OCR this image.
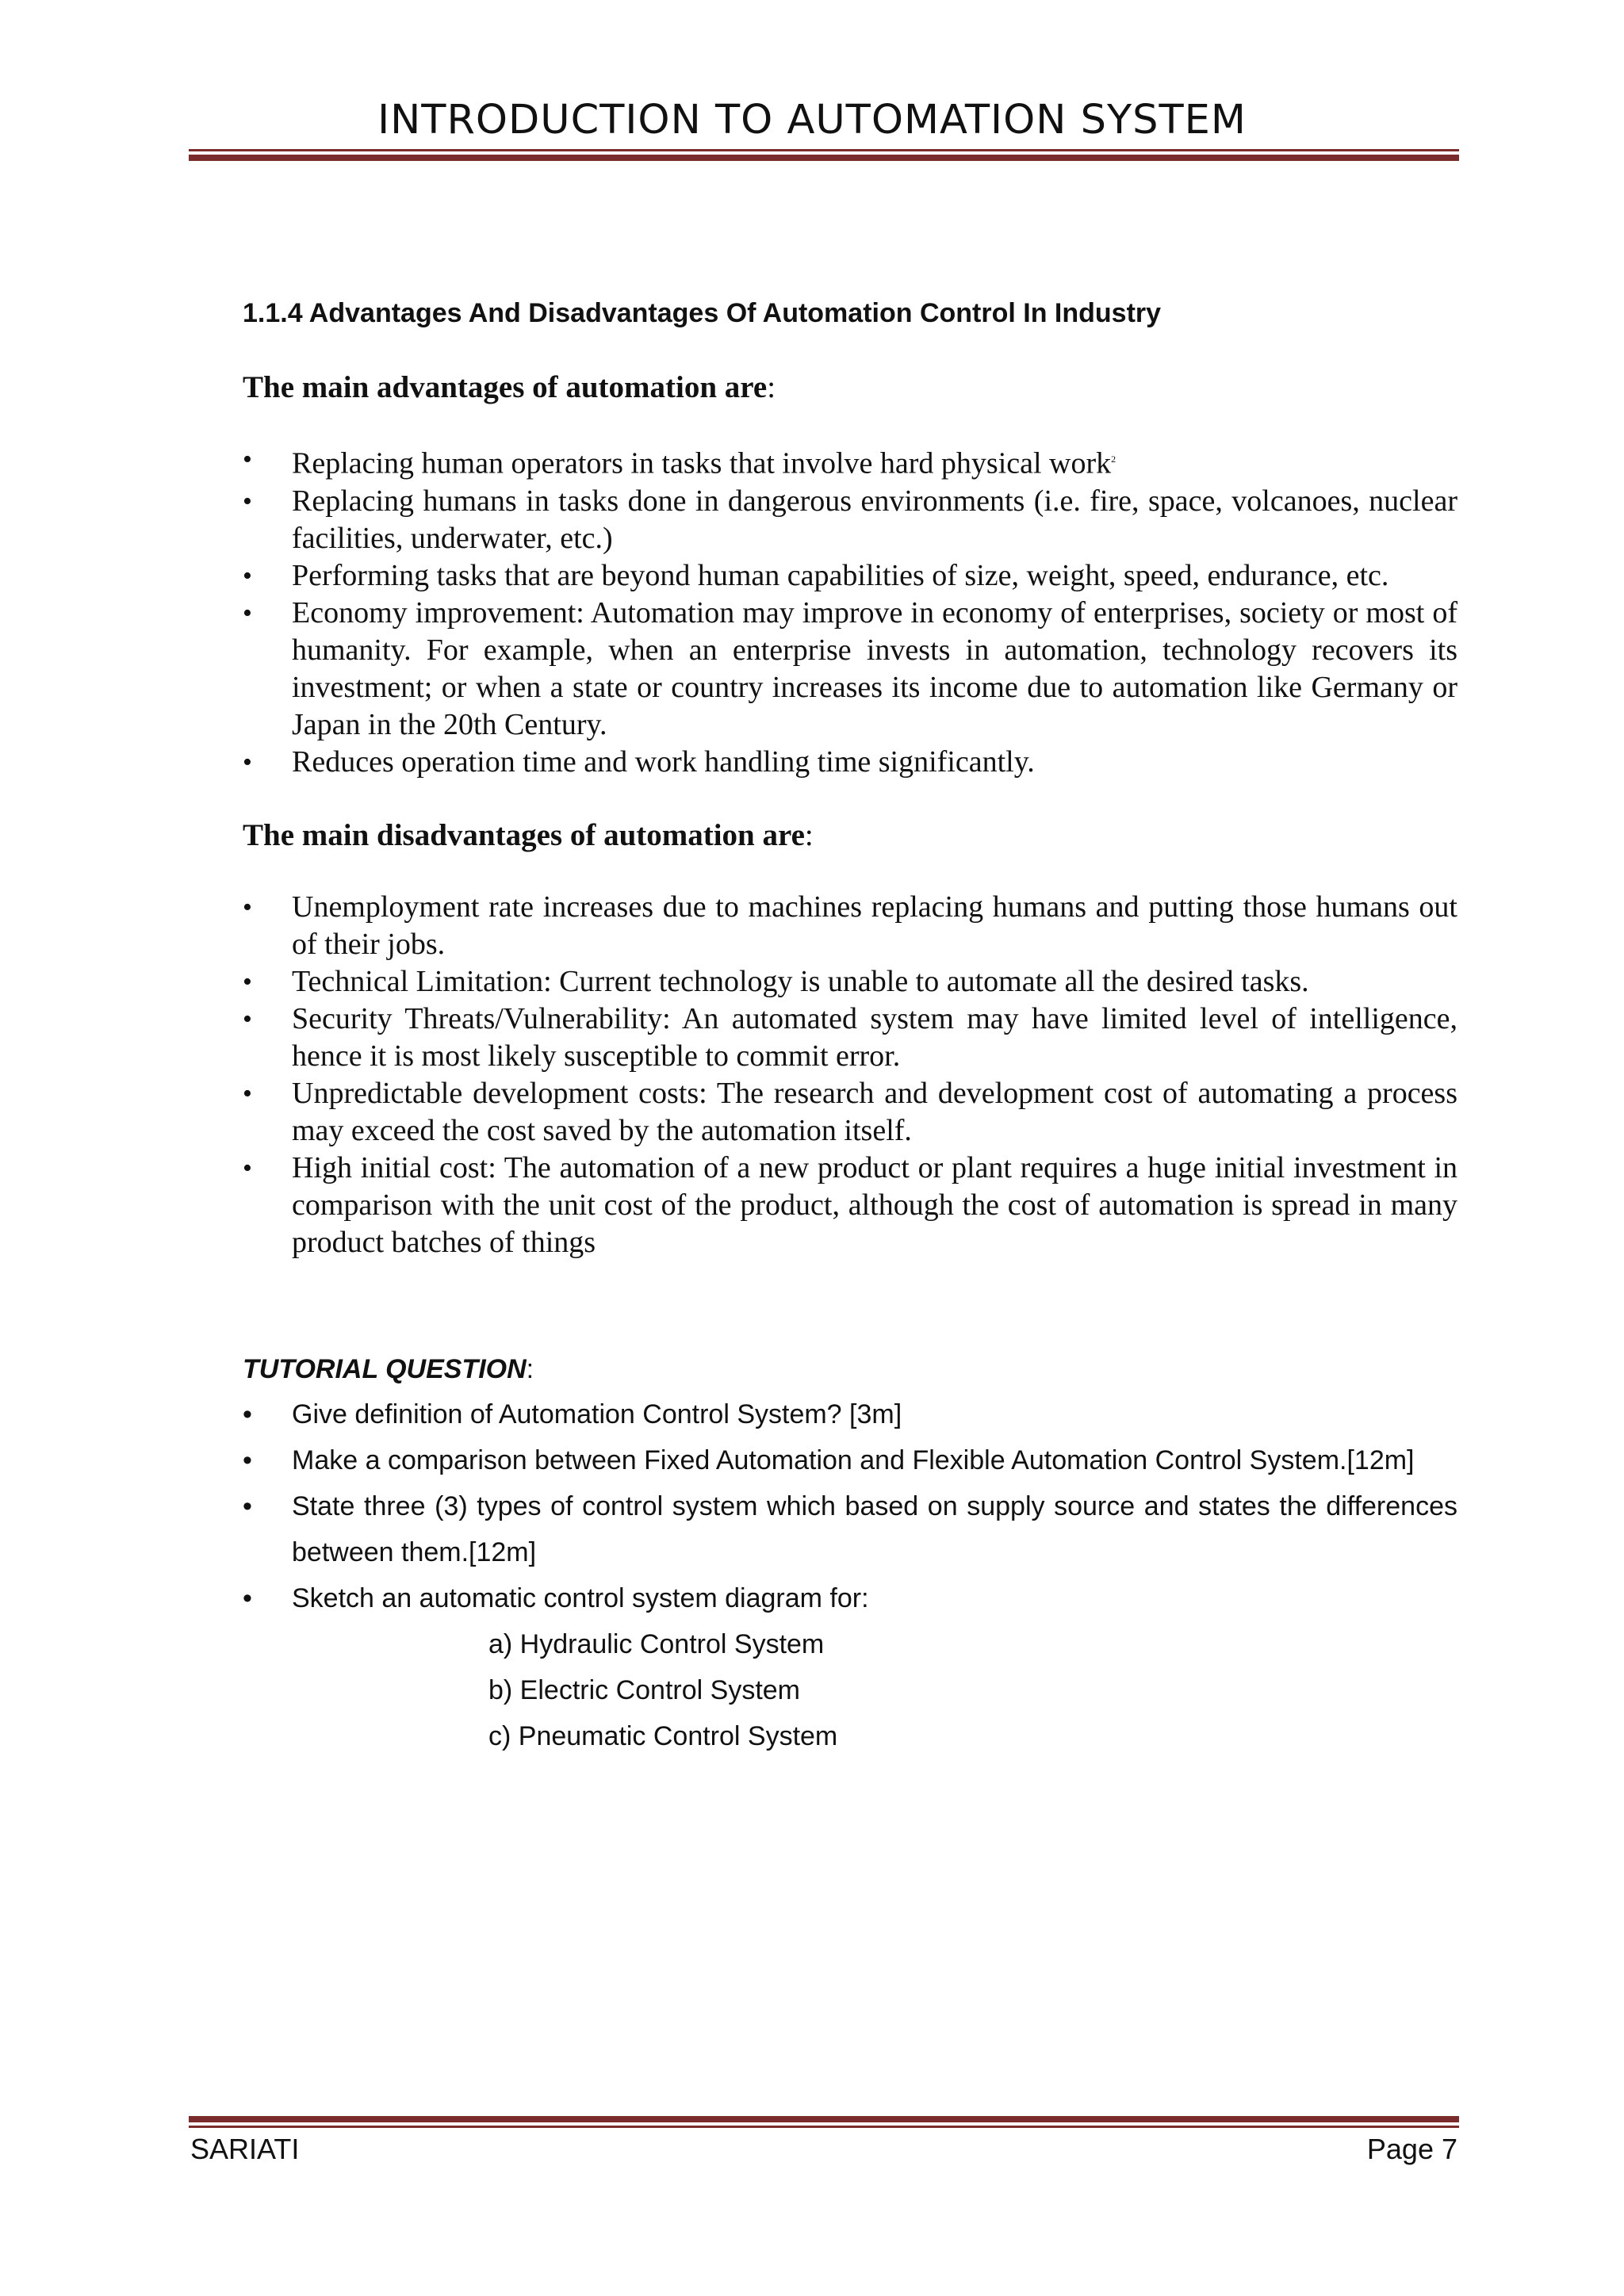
INTRODUCTION TO AUTOMATION SYSTEM

1.1.4 Advantages And Disadvantages Of Automation Control In Industry

The main advantages of automation are:

• Replacing human operators in tasks that involve hard physical work$^2$
• Replacing humans in tasks done in dangerous environments (i.e. fire, space, volcanoes, nuclear facilities, underwater, etc.)
• Performing tasks that are beyond human capabilities of size, weight, speed, endurance, etc.
• Economy improvement: Automation may improve in economy of enterprises, society or most of humanity. For example, when an enterprise invests in automation, technology recovers its investment; or when a state or country increases its income due to automation like Germany or Japan in the 20th Century.
• Reduces operation time and work handling time significantly.

The main disadvantages of automation are:

• Unemployment rate increases due to machines replacing humans and putting those humans out of their jobs.
• Technical Limitation: Current technology is unable to automate all the desired tasks.
• Security Threats/Vulnerability: An automated system may have limited level of intelligence, hence it is most likely susceptible to commit error.
• Unpredictable development costs: The research and development cost of automating a process may exceed the cost saved by the automation itself.
• High initial cost: The automation of a new product or plant requires a huge initial investment in comparison with the unit cost of the product, although the cost of automation is spread in many product batches of things
TUTORIAL QUESTION:
• Give definition of Automation Control System? [3m]
• Make a comparison between Fixed Automation and Flexible Automation Control System.[12m]
• State three (3) types of control system which based on supply source and states the differences between them.[12m]
• Sketch an automatic control system diagram for:
a) Hydraulic Control System
b) Electric Control System
c) Pneumatic Control System
SARIATI	Page 7
